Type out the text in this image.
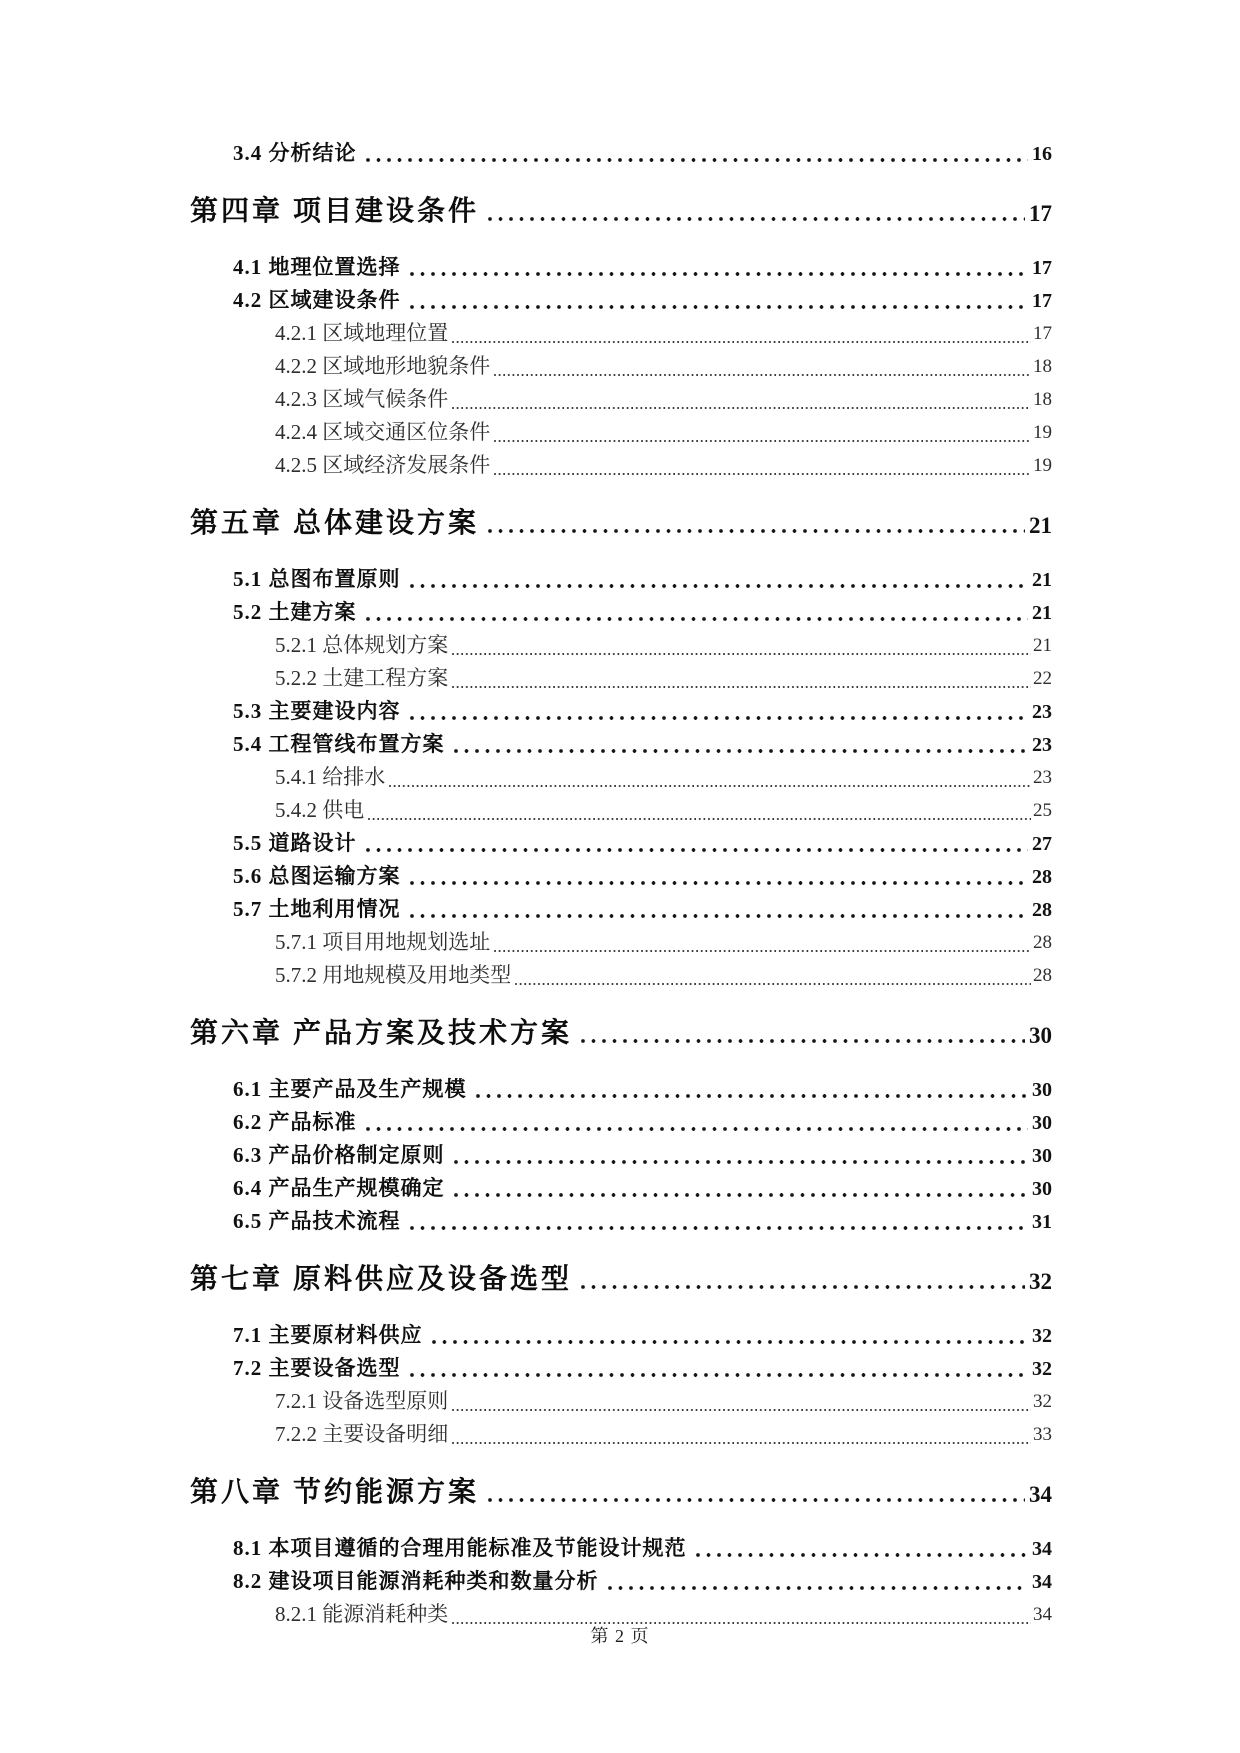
3.4 分析结论	16
第四章 项目建设条件	17
4.1 地理位置选择	17
4.2 区域建设条件	17
4.2.1 区域地理位置	17
4.2.2 区域地形地貌条件	18
4.2.3 区域气候条件	18
4.2.4 区域交通区位条件	19
4.2.5 区域经济发展条件	19
第五章 总体建设方案	21
5.1 总图布置原则	21
5.2 土建方案	21
5.2.1 总体规划方案	21
5.2.2 土建工程方案	22
5.3 主要建设内容	23
5.4 工程管线布置方案	23
5.4.1 给排水	23
5.4.2 供电	25
5.5 道路设计	27
5.6 总图运输方案	28
5.7 土地利用情况	28
5.7.1 项目用地规划选址	28
5.7.2 用地规模及用地类型	28
第六章 产品方案及技术方案	30
6.1 主要产品及生产规模	30
6.2 产品标准	30
6.3 产品价格制定原则	30
6.4 产品生产规模确定	30
6.5 产品技术流程	31
第七章 原料供应及设备选型	32
7.1 主要原材料供应	32
7.2 主要设备选型	32
7.2.1 设备选型原则	32
7.2.2 主要设备明细	33
第八章 节约能源方案	34
8.1 本项目遵循的合理用能标准及节能设计规范	34
8.2 建设项目能源消耗种类和数量分析	34
8.2.1 能源消耗种类	34
第 2 页
